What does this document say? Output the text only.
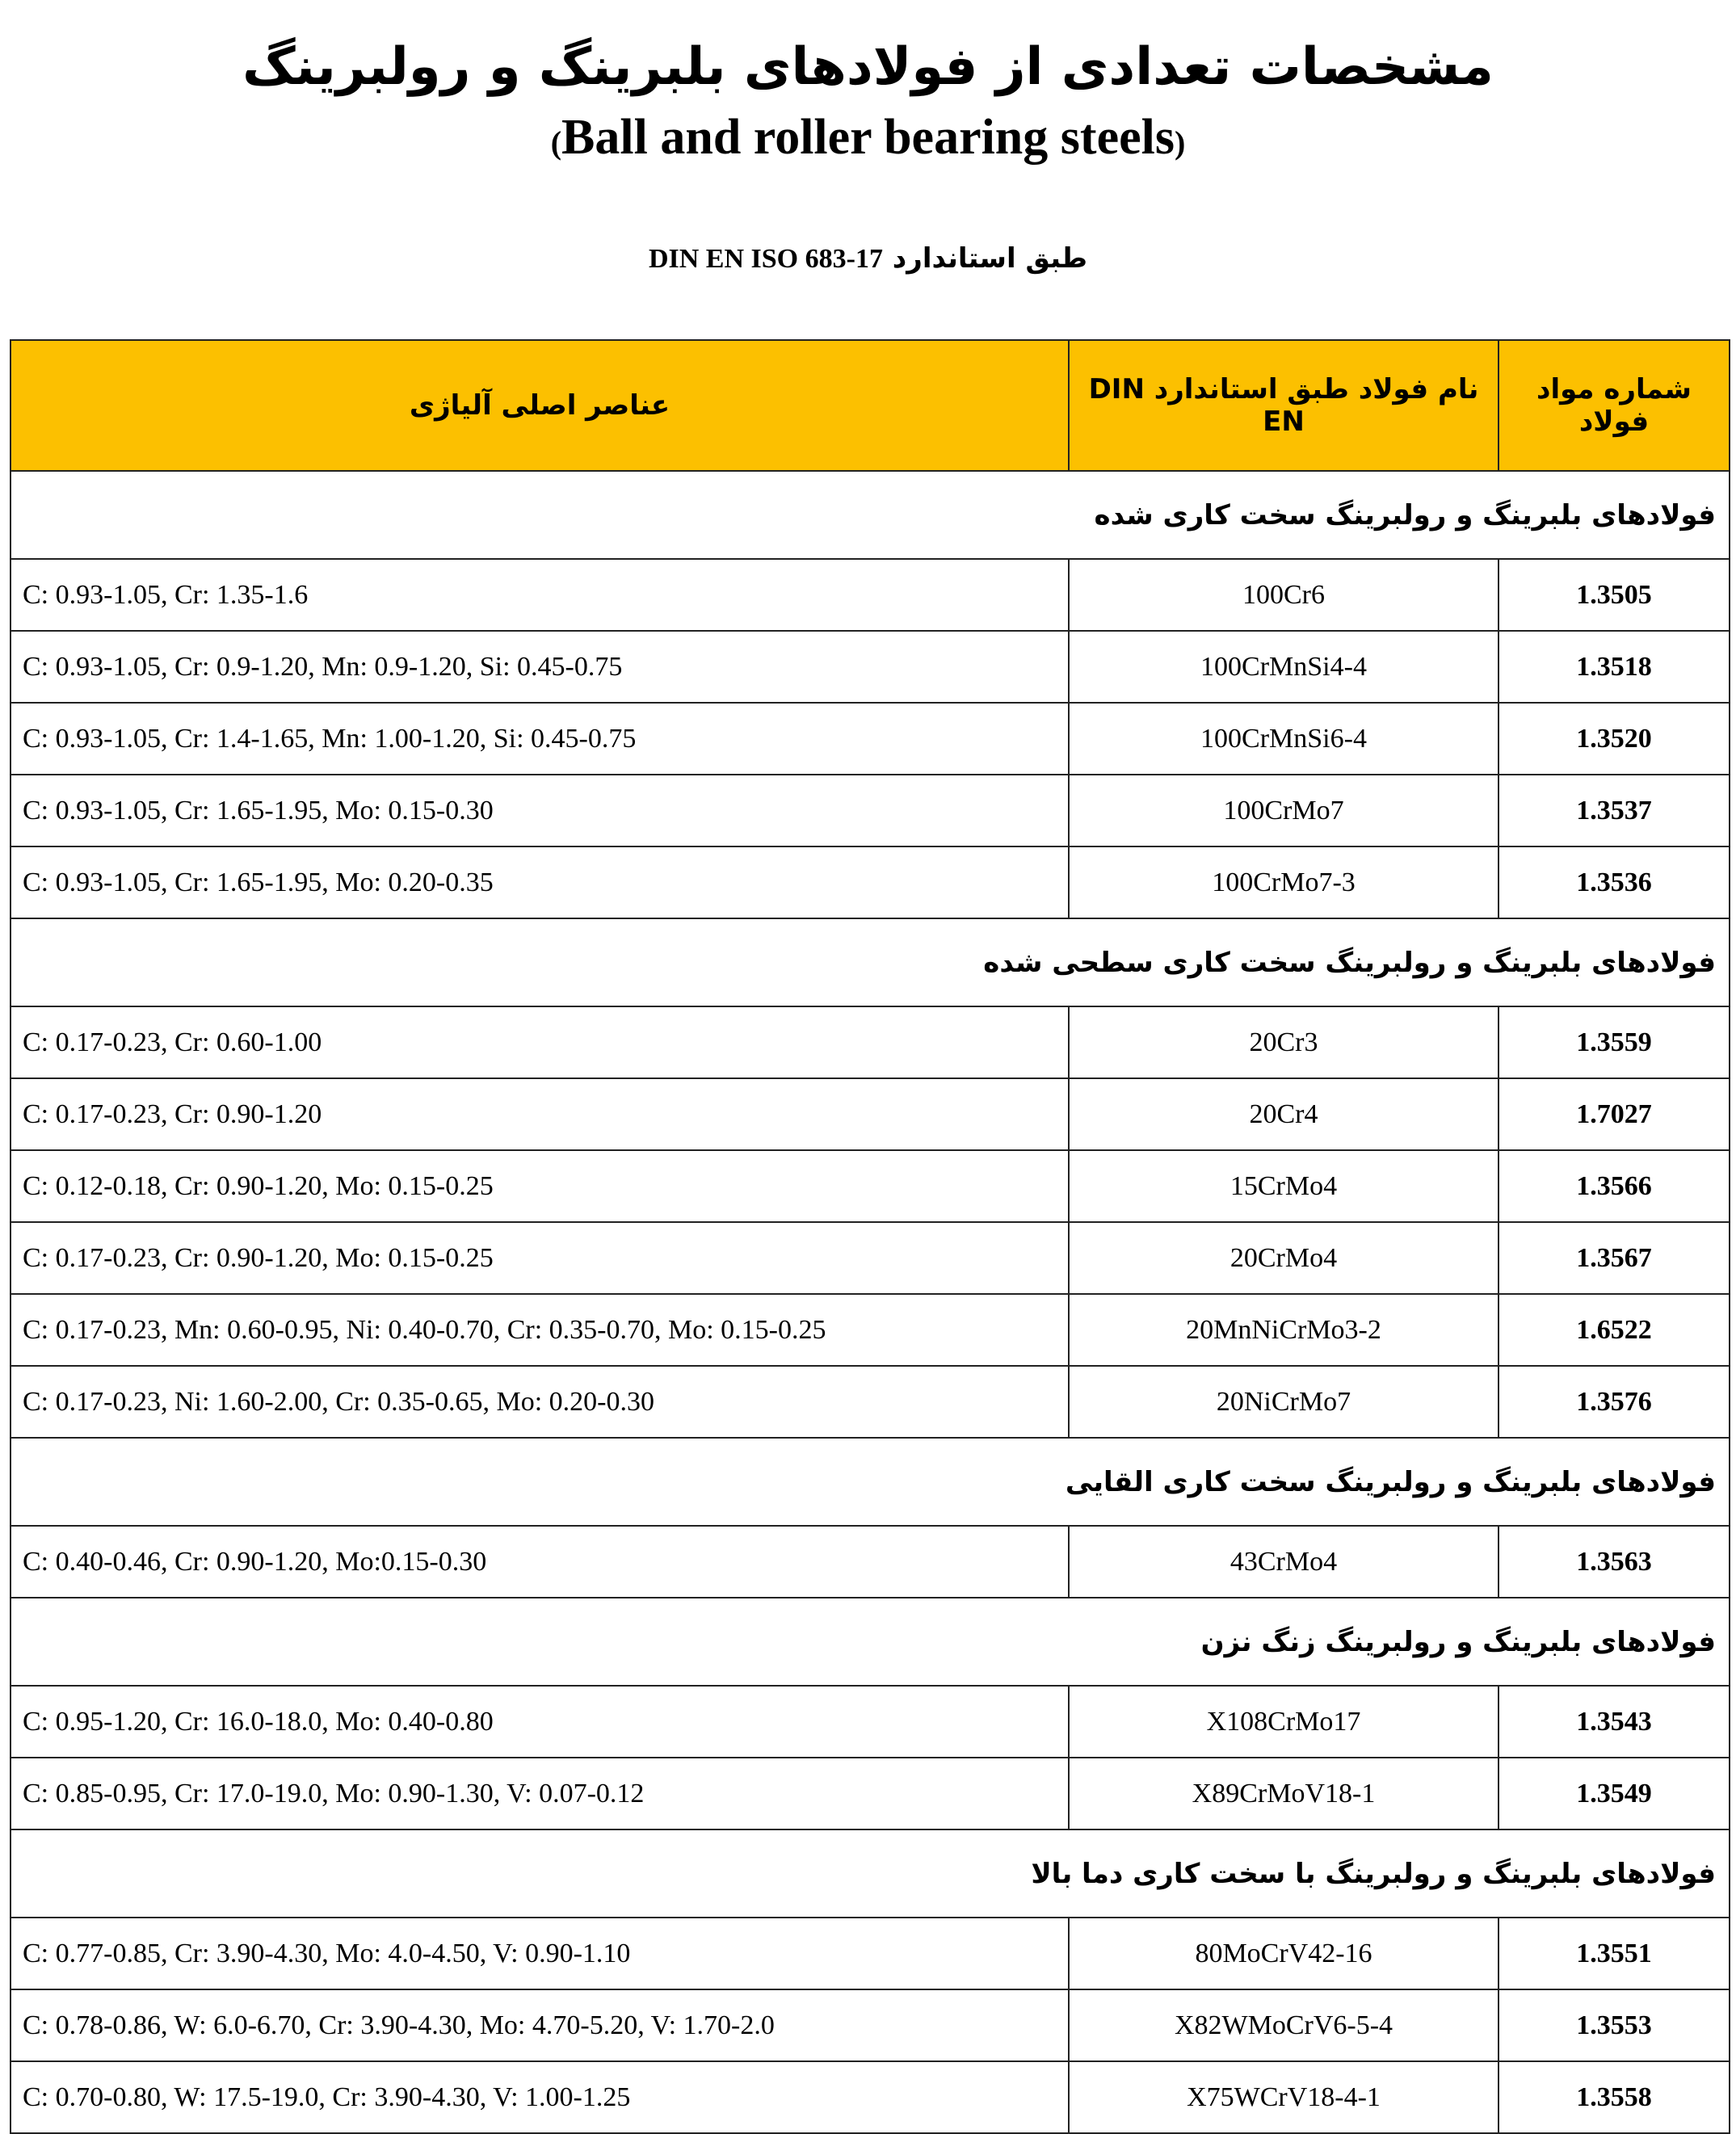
مشخصات تعدادی از فولادهای بلبرینگ و رولبرینگ
(Ball and roller bearing steels)
طبق استاندارد DIN EN ISO 683-17
شماره مواد فولاد	نام فولاد طبق استاندارد DIN EN	عناصر اصلی آلیاژی
فولادهای بلبرینگ و رولبرینگ سخت کاری شده		
1.3505	100Cr6	C: 0.93-1.05, Cr: 1.35-1.6
1.3518	100CrMnSi4-4	C: 0.93-1.05, Cr: 0.9-1.20, Mn: 0.9-1.20, Si: 0.45-0.75
1.3520	100CrMnSi6-4	C: 0.93-1.05, Cr: 1.4-1.65, Mn: 1.00-1.20, Si: 0.45-0.75
1.3537	100CrMo7	C: 0.93-1.05, Cr: 1.65-1.95, Mo: 0.15-0.30
1.3536	100CrMo7-3	C: 0.93-1.05, Cr: 1.65-1.95, Mo: 0.20-0.35
فولادهای بلبرینگ و رولبرینگ سخت کاری سطحی شده		
1.3559	20Cr3	C: 0.17-0.23, Cr: 0.60-1.00
1.7027	20Cr4	C: 0.17-0.23, Cr: 0.90-1.20
1.3566	15CrMo4	C: 0.12-0.18, Cr: 0.90-1.20, Mo: 0.15-0.25
1.3567	20CrMo4	C: 0.17-0.23, Cr: 0.90-1.20, Mo: 0.15-0.25
1.6522	20MnNiCrMo3-2	C: 0.17-0.23, Mn: 0.60-0.95, Ni: 0.40-0.70, Cr: 0.35-0.70, Mo: 0.15-0.25
1.3576	20NiCrMo7	C: 0.17-0.23, Ni: 1.60-2.00, Cr: 0.35-0.65, Mo: 0.20-0.30
فولادهای بلبرینگ و رولبرینگ سخت کاری القایی		
1.3563	43CrMo4	C: 0.40-0.46, Cr: 0.90-1.20, Mo:0.15-0.30
فولادهای بلبرینگ و رولبرینگ زنگ نزن		
1.3543	X108CrMo17	C: 0.95-1.20, Cr: 16.0-18.0, Mo: 0.40-0.80
1.3549	X89CrMoV18-1	C: 0.85-0.95, Cr: 17.0-19.0, Mo: 0.90-1.30, V: 0.07-0.12
فولادهای بلبرینگ و رولبرینگ با سخت کاری دما بالا		
1.3551	80MoCrV42-16	C: 0.77-0.85, Cr: 3.90-4.30, Mo: 4.0-4.50, V: 0.90-1.10
1.3553	X82WMoCrV6-5-4	C: 0.78-0.86, W: 6.0-6.70, Cr: 3.90-4.30, Mo: 4.70-5.20, V: 1.70-2.0
1.3558	X75WCrV18-4-1	C: 0.70-0.80, W: 17.5-19.0, Cr: 3.90-4.30, V: 1.00-1.25
